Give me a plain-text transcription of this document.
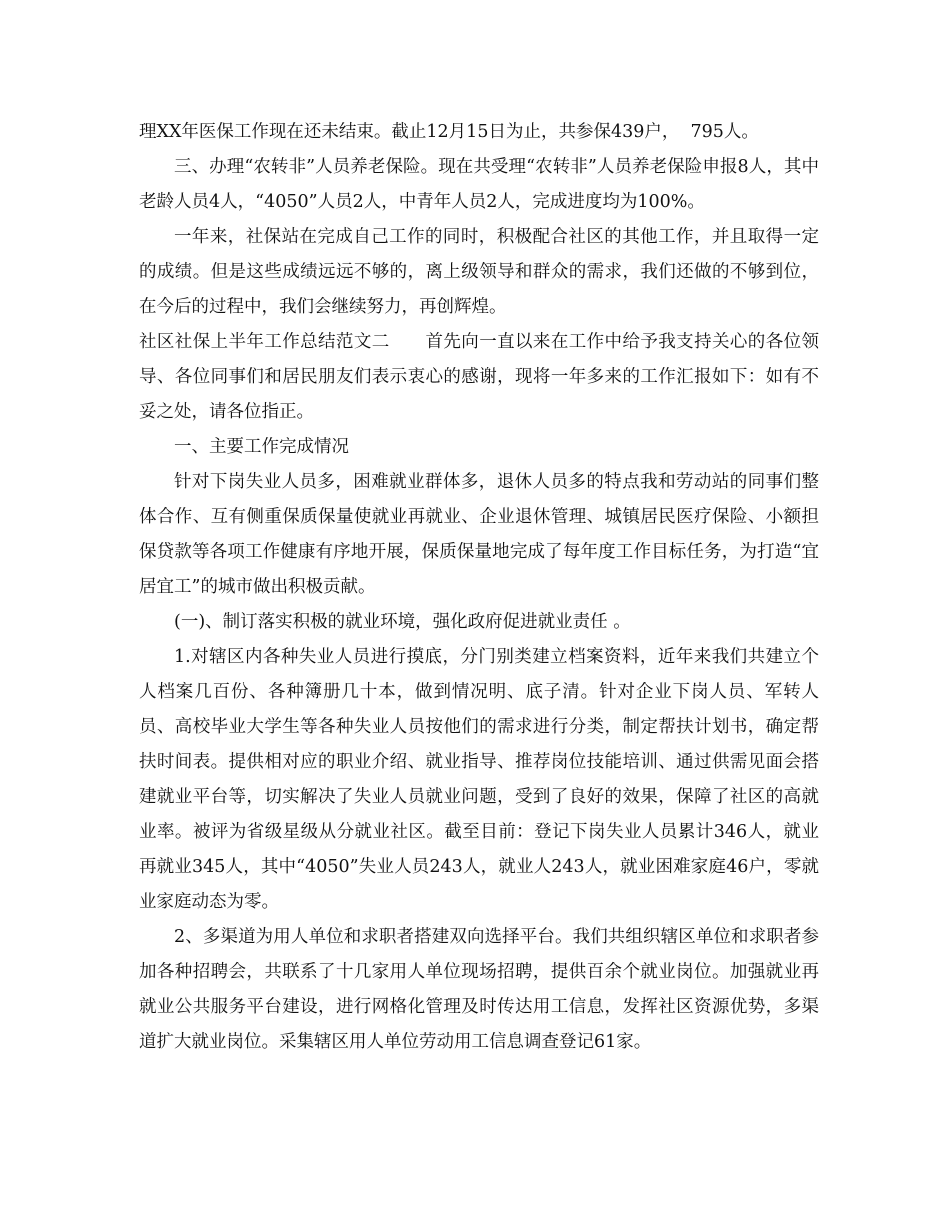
理XX年医保工作现在还未结束。截止12月15日为止，共参保439户，  795人。

三、办理“农转非”人员养老保险。现在共受理“农转非”人员养老保险申报8人，其中老龄人员4人，“4050”人员2人，中青年人员2人，完成进度均为100%。

一年来，社保站在完成自己工作的同时，积极配合社区的其他工作，并且取得一定的成绩。但是这些成绩远远不够的，离上级领导和群众的需求，我们还做的不够到位，在今后的过程中，我们会继续努力，再创辉煌。

社区社保上半年工作总结范文二      首先向一直以来在工作中给予我支持关心的各位领导、各位同事们和居民朋友们表示衷心的感谢，现将一年多来的工作汇报如下：如有不妥之处，请各位指正。

一、主要工作完成情况

针对下岗失业人员多，困难就业群体多，退休人员多的特点我和劳动站的同事们整体合作、互有侧重保质保量使就业再就业、企业退休管理、城镇居民医疗保险、小额担保贷款等各项工作健康有序地开展，保质保量地完成了每年度工作目标任务，为打造“宜居宜工”的城市做出积极贡献。

(一)、制订落实积极的就业环境，强化政府促进就业责任 。

1.对辖区内各种失业人员进行摸底，分门别类建立档案资料，近年来我们共建立个人档案几百份、各种簿册几十本，做到情况明、底子清。针对企业下岗人员、军转人员、高校毕业大学生等各种失业人员按他们的需求进行分类，制定帮扶计划书，确定帮扶时间表。提供相对应的职业介绍、就业指导、推荐岗位技能培训、通过供需见面会搭建就业平台等，切实解决了失业人员就业问题，受到了良好的效果，保障了社区的高就业率。被评为省级星级从分就业社区。截至目前：登记下岗失业人员累计346人，就业再就业345人，其中“4050”失业人员243人，就业人243人，就业困难家庭46户，零就业家庭动态为零。

2、多渠道为用人单位和求职者搭建双向选择平台。我们共组织辖区单位和求职者参加各种招聘会，共联系了十几家用人单位现场招聘，提供百余个就业岗位。加强就业再就业公共服务平台建设，进行网格化管理及时传达用工信息，发挥社区资源优势，多渠道扩大就业岗位。采集辖区用人单位劳动用工信息调查登记61家。
